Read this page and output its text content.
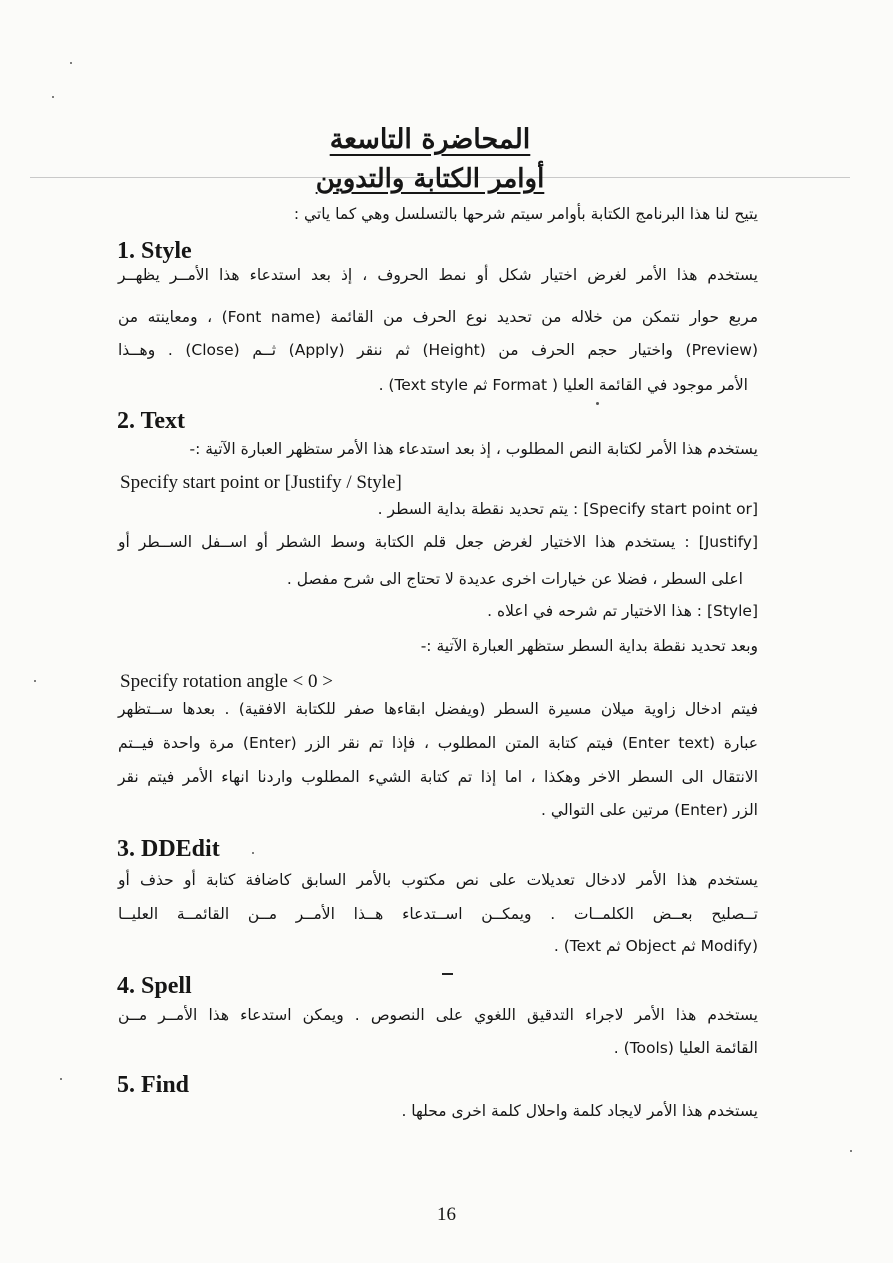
المحاضرة التاسعة
أوامر الكتابة والتدوين
يتيح لنا هذا البرنامج الكتابة بأوامر سيتم شرحها بالتسلسل وهي كما ياتي :
1. Style
يستخدم هذا الأمر لغرض اختيار شكل أو نمط الحروف ، إذ بعد استدعاء هذا الأمــر يظهــر
مربع حوار نتمكن من خلاله من تحديد نوع الحرف من القائمة (Font name) ، ومعاينته من
(Preview) واختيار حجم الحرف من (Height) ثم ننقر (Apply) ثــم (Close) . وهــذا
الأمر موجود في القائمة العليا ( Format ثم Text style) .
2. Text
يستخدم هذا الأمر لكتابة النص المطلوب ، إذ بعد استدعاء هذا الأمر ستظهر العبارة الآتية :-
Specify start point or [Justify / Style]
[Specify start point or] : يتم تحديد نقطة بداية السطر .
[Justify] : يستخدم هذا الاختيار لغرض جعل قلم الكتابة وسط الشطر أو اســفل الســطر أو
اعلى السطر ، فضلا عن خيارات اخرى عديدة لا تحتاج الى شرح مفصل .
[Style] : هذا الاختيار تم شرحه في اعلاه .
وبعد تحديد نقطة بداية السطر ستظهر العبارة الآتية :-
Specify rotation angle < 0 >
فيتم ادخال زاوية ميلان مسيرة السطر (ويفضل ابقاءها صفر للكتابة الافقية) . بعدها ســتظهر
عبارة (Enter text) فيتم كتابة المتن المطلوب ، فإذا تم نقر الزر (Enter) مرة واحدة فيــتم
الانتقال الى السطر الاخر وهكذا ، اما إذا تم كتابة الشيء المطلوب واردنا انهاء الأمر فيتم نقر
الزر (Enter) مرتين على التوالي .
3. DDEdit
يستخدم هذا الأمر لادخال تعديلات على نص مكتوب بالأمر السابق كاضافة كتابة أو حذف أو
تــصليح بعــض الكلمــات . ويمكــن اســتدعاء هــذا الأمــر مــن القائمــة العليــا
(Modify ثم Object ثم Text) .
4. Spell
يستخدم هذا الأمر لاجراء التدقيق اللغوي على النصوص . ويمكن استدعاء هذا الأمــر مــن
القائمة العليا (Tools) .
5. Find
يستخدم هذا الأمر لايجاد كلمة واحلال كلمة اخرى محلها .
16
